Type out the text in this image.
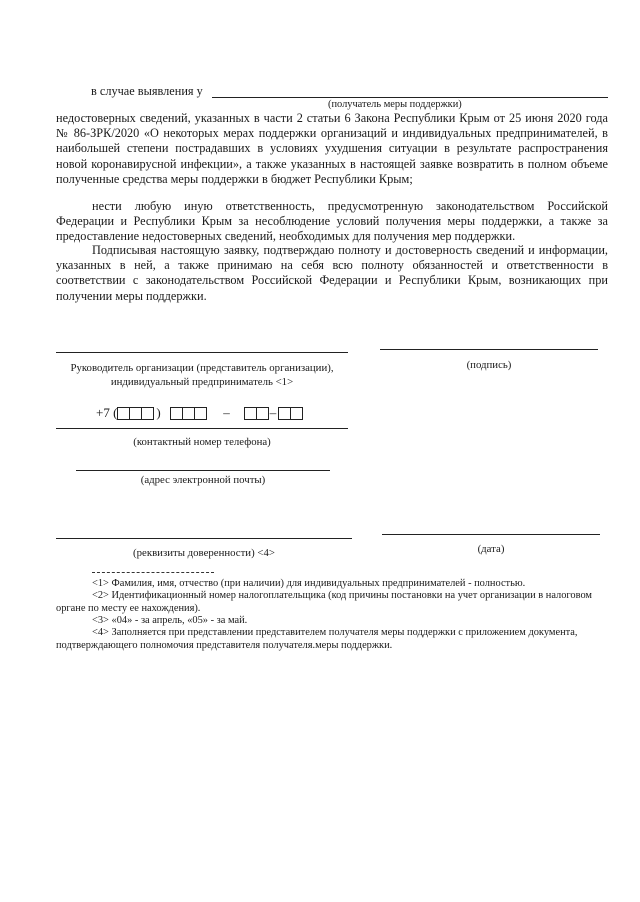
в случае выявления у
(получатель меры поддержки)
недостоверных сведений, указанных в части 2 статьи 6 Закона Республики Крым от 25 июня 2020 года № 86-ЗРК/2020 «О некоторых мерах поддержки организаций и индивидуальных предпринимателей, в наибольшей степени пострадавших в условиях ухудшения ситуации в результате распространения новой коронавирусной инфекции», а также указанных в настоящей заявке возвратить в полном объеме полученные средства меры поддержки в бюджет Республики Крым;
нести любую иную ответственность, предусмотренную законодательством Российской Федерации и Республики Крым за несоблюдение условий получения меры поддержки, а также за предоставление недостоверных сведений, необходимых для получения мер поддержки.
Подписывая настоящую заявку, подтверждаю полноту и достоверность сведений и информации, указанных в ней, а также принимаю на себя всю полноту обязанностей и ответственности в соответствии с законодательством Российской Федерации и Республики Крым, возникающих при получении меры поддержки.
Руководитель организации (представитель организации),
индивидуальный предприниматель <1>
(подпись)
+7 (	)	–	–
(контактный номер телефона)
(адрес электронной почты)
(реквизиты доверенности) <4>	(дата)
<1> Фамилия, имя, отчество (при наличии) для индивидуальных предпринимателей - полностью.
<2> Идентификационный номер налогоплательщика (код причины постановки на учет организации в налоговом органе по месту ее нахождения).
<3> «04» - за апрель, «05» - за май.
<4> Заполняется при представлении представителем получателя меры поддержки с приложением документа, подтверждающего полномочия представителя получателя.меры поддержки.
